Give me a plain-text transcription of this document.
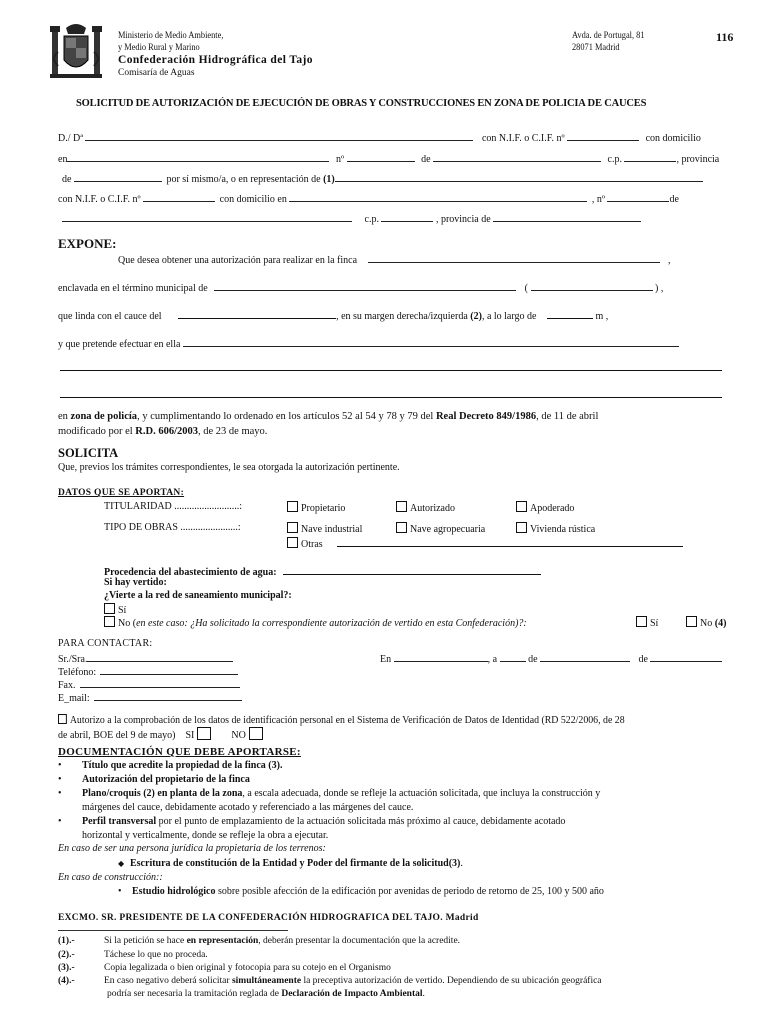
Ministerio de Medio Ambiente,
y Medio Rural y Marino
Confederación Hidrográfica del Tajo
Comisaría de Aguas
Avda. de Portugal, 81
28071 Madrid
116
SOLICITUD DE AUTORIZACIÓN DE EJECUCIÓN DE OBRAS Y CONSTRUCCIONES EN ZONA DE POLICIA DE CAUCES
D./ Dª	con N.I.F. o C.I.F. nº	con domicilio
en	nº	de	c.p.	, provincia
de	por sí mismo/a, o en representación de (1)
con N.I.F. o C.I.F. nº	con domicilio en	, nº	de
c.p.	, provincia de
EXPONE:
Que desea obtener una autorización para realizar en la finca	,
enclavada en el término municipal de	(	) ,
que linda con el cauce del	, en su margen derecha/izquierda (2), a lo largo de	m ,
y que pretende efectuar en ella
en zona de policía, y cumplimentando lo ordenado en los artículos 52 al 54 y 78 y 79 del Real Decreto 849/1986, de 11 de abril
modificado por el R.D. 606/2003, de 23 de mayo.
SOLICITA
Que, previos los trámites correspondientes, le sea otorgada la autorización pertinente.
DATOS QUE SE APORTAN:
TITULARIDAD ..........................:	Propietario	Autorizado	Apoderado
TIPO DE OBRAS .......................:	Nave industrial	Nave agropecuaria	Vivienda rústica
Otras
Procedencia del abastecimiento de agua:
Si hay vertido:
¿Vierte a la red de saneamiento municipal?:
Sí
No (en este caso: ¿Ha solicitado la correspondiente autorización de vertido en esta Confederación)?:	Sí	No (4)
PARA CONTACTAR:
Sr./Sra.
Teléfono:
Fax.
E_mail:
En	, a	de	de
Autorizo a la comprobación de los datos de identificación personal en el Sistema de Verificación de Datos de Identidad (RD 522/2006, de 28
de abril, BOE del 9 de mayo) SI	NO
DOCUMENTACIÓN QUE DEBE APORTARSE:
• Título que acredite la propiedad de la finca (3).
• Autorización del propietario de la finca
• Plano/croquis (2) en planta de la zona, a escala adecuada, donde se refleje la actuación solicitada, que incluya la construcción y
márgenes del cauce, debidamente acotado y referenciado a las márgenes del cauce.
• Perfil transversal por el punto de emplazamiento de la actuación solicitada más próximo al cauce, debidamente acotado
horizontal y verticalmente, donde se refleje la obra a ejecutar.
En caso de ser una persona jurídica la propietaria de los terrenos:
◆ Escritura de constitución de la Entidad y Poder del firmante de la solicitud(3).
En caso de construcción::
• Estudio hidrológico sobre posible afección de la edificación por avenidas de periodo de retorno de 25, 100 y 500 año
EXCMO. SR. PRESIDENTE DE LA CONFEDERACIÓN HIDROGRAFICA DEL TAJO. Madrid
(1).-	Si la petición se hace en representación, deberán presentar la documentación que la acredite.
(2).-	Táchese lo que no proceda.
(3).-	Copia legalizada o bien original y fotocopia para su cotejo en el Organismo
(4).-	En caso negativo deberá solicitar simultáneamente la preceptiva autorización de vertido. Dependiendo de su ubicación geográfica
podría ser necesaria la tramitación reglada de Declaración de Impacto Ambiental.
